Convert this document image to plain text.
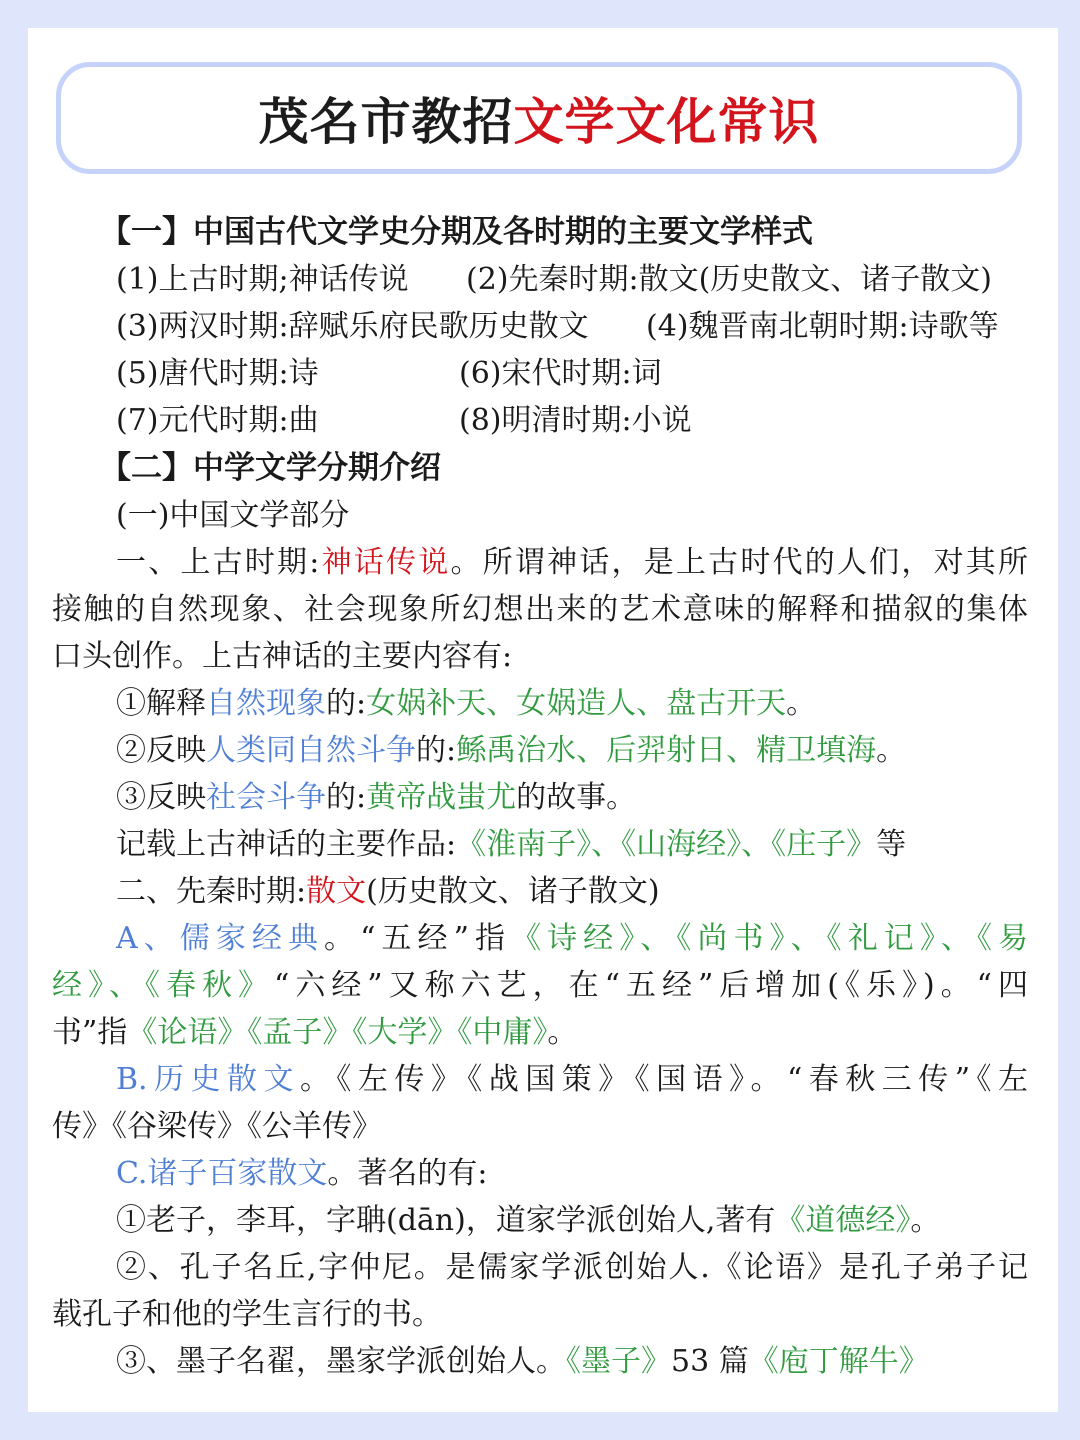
茂名市教招 文学文化常识
【一】中国古代文学史分期及各时期的主要文学样式
(1)上古时期;神话传说 (2)先秦时期:散文(历史散文、诸子散文)
(3)两汉时期:辞赋乐府民歌历史散文 (4)魏晋南北朝时期:诗歌等
(5)唐代时期:诗	(6)宋代时期:词
(7)元代时期:曲	(8)明清时期:小说
【二】中学文学分期介绍
(一)中国文学部分
一、上古时期:神话传说。所谓神话，是上古时代的人们，对其所
接触的自然现象、社会现象所幻想出来的艺术意味的解释和描叙的集体
口头创作。上古神话的主要内容有:
①解释自然现象的:女娲补天、女娲造人、盘古开天。
②反映人类同自然斗争的:鲧禹治水、后羿射日、精卫填海。
③反映社会斗争的:黄帝战蚩尤的故事。
记载上古神话的主要作品:《淮南子》、《山海经》、《庄子》等
二、先秦时期:散文(历史散文、诸子散文)
A、儒家经典。“五经”指《诗经》、《尚书》、《礼记》、《易
经》、《春秋》“六经”又称六艺，在“五经”后增加(《乐》)。“四
书”指《论语》《孟子》《大学》《中庸》。
B.历史散文。《左传》《战国策》《国语》。“春秋三传”《左
传》《谷梁传》《公羊传》
C.诸子百家散文。著名的有:
①老子，李耳，字聃(dān)，道家学派创始人,著有《道德经》。
②、孔子名丘,字仲尼。是儒家学派创始人.《论语》是孔子弟子记
载孔子和他的学生言行的书。
③、墨子名翟，墨家学派创始人。《墨子》53 篇《庖丁解牛》
